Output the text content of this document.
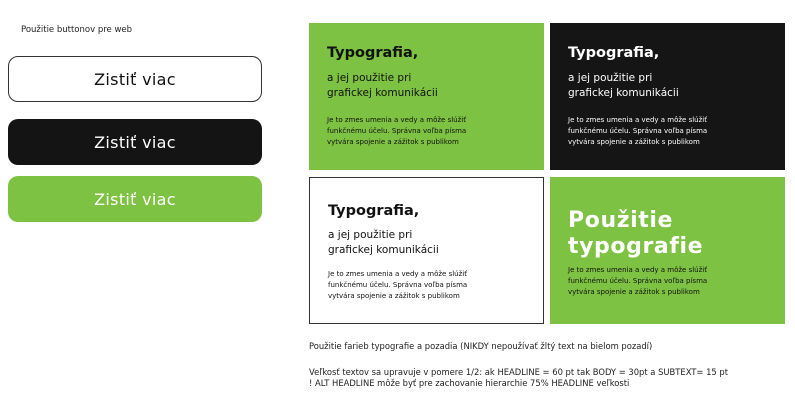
Použitie buttonov pre web
Zistiť viac
Zistiť viac
Zistiť viac
Typografia,
a jej použitie pri
grafickej komunikácii
Je to zmes umenia a vedy a môže slúžiť
funkčnému účelu. Správna voľba písma
vytvára spojenie a zážitok s publikom
Typografia,
a jej použitie pri
grafickej komunikácii
Je to zmes umenia a vedy a môže slúžiť
funkčnému účelu. Správna voľba písma
vytvára spojenie a zážitok s publikom
Typografia,
a jej použitie pri
grafickej komunikácii
Je to zmes umenia a vedy a môže slúžiť
funkčnému účelu. Správna voľba písma
vytvára spojenie a zážitok s publikom
Použitie
typografie
Je to zmes umenia a vedy a môže slúžiť
funkčnému účelu. Správna voľba písma
vytvára spojenie a zážitok s publikom
Použitie farieb typografie a pozadia (NIKDY nepoužívať žltý text na bielom pozadí)
Veľkosť textov sa upravuje v pomere 1/2: ak HEADLINE = 60 pt tak BODY = 30pt a SUBTEXT= 15 pt
! ALT HEADLINE môže byť pre zachovanie hierarchie 75% HEADLINE veľkosti
